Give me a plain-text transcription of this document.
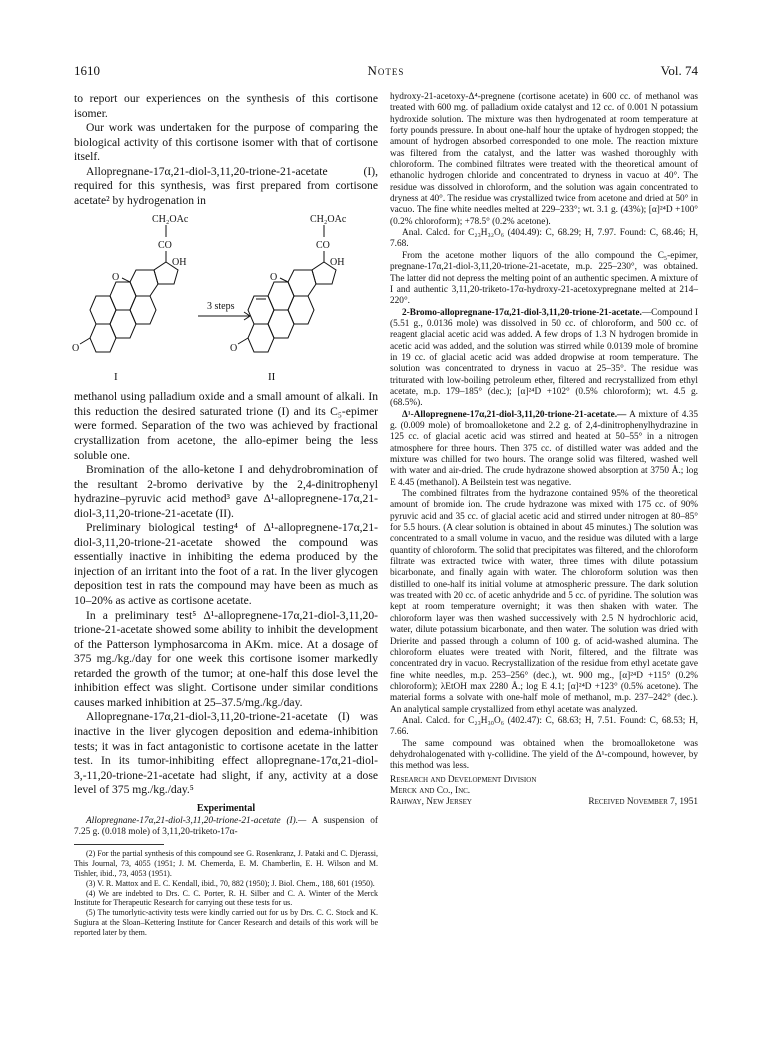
1610	Notes	Vol. 74

to report our experiences on the synthesis of this cortisone isomer.

Our work was undertaken for the purpose of comparing the biological activity of this cortisone isomer with that of cortisone itself.

Allopregnane-17α,21-diol-3,11,20-trione-21-acetate (I), required for this synthesis, was first prepared from cortisone acetate² by hydrogenation in

CH₂OAc
CO
OH
O
O
I
3 steps
CH₂OAc
CO
OH
O
O
II

methanol using palladium oxide and a small amount of alkali. In this reduction the desired saturated trione (I) and its C₅-epimer were formed. Separation of the two was achieved by fractional crystallization from acetone, the allo-epimer being the less soluble one.

Bromination of the allo-ketone I and dehydrobromination of the resultant 2-bromo derivative by the 2,4-dinitrophenyl hydrazine–pyruvic acid method³ gave Δ¹-allopregnene-17α,21-diol-3,11,20-trione-21-acetate (II).

Preliminary biological testing⁴ of Δ¹-allopregnene-17α,21-diol-3,11,20-trione-21-acetate showed the compound was essentially inactive in inhibiting the edema produced by the injection of an irritant into the foot of a rat. In the liver glycogen deposition test in rats the compound may have been as much as 10–20% as active as cortisone acetate.

In a preliminary test⁵ Δ¹-allopregnene-17α,21-diol-3,11,20-trione-21-acetate showed some ability to inhibit the development of the Patterson lymphosarcoma in AKm. mice. At a dosage of 375 mg./kg./day for one week this cortisone isomer markedly retarded the growth of the tumor; at one-half this dose level the inhibition effect was slight. Cortisone under similar conditions causes marked inhibition at 25–37.5/mg./kg./day.

Allopregnane-17α,21-diol-3,11,20-trione-21-acetate (I) was inactive in the liver glycogen deposition and edema-inhibition tests; it was in fact antagonistic to cortisone acetate in the latter test. In its tumor-inhibiting effect allopregnane-17α,21-diol-3,-11,20-trione-21-acetate had slight, if any, activity at a dose level of 375 mg./kg./day.⁵

Experimental

Allopregnane-17α,21-diol-3,11,20-trione-21-acetate (I).— A suspension of 7.25 g. (0.018 mole) of 3,11,20-triketo-17α-

(2) For the partial synthesis of this compound see G. Rosenkranz, J. Pataki and C. Djerassi, This Journal, 73, 4055 (1951; J. M. Chemerda, E. M. Chamberlin, E. H. Wilson and M. Tishler, ibid., 73, 4053 (1951).

(3) V. R. Mattox and E. C. Kendall, ibid., 70, 882 (1950); J. Biol. Chem., 188, 601 (1950).

(4) We are indebted to Drs. C. C. Porter, R. H. Silber and C. A. Winter of the Merck Institute for Therapeutic Research for carrying out these tests for us.

(5) The tumorlytic-activity tests were kindly carried out for us by Drs. C. C. Stock and K. Sugiura at the Sloan–Kettering Institute for Cancer Research and details of this work will be reported later by them.

hydroxy-21-acetoxy-Δ⁴-pregnene (cortisone acetate) in 600 cc. of methanol was treated with 600 mg. of palladium oxide catalyst and 12 cc. of 0.001 N potassium hydroxide solution. The mixture was then hydrogenated at room temperature at forty pounds pressure. In about one-half hour the uptake of hydrogen stopped; the amount of hydrogen absorbed corresponded to one mole. The reaction mixture was filtered from the catalyst, and the latter was washed thoroughly with chloroform. The combined filtrates were treated with the theoretical amount of ethanolic hydrogen chloride and concentrated to dryness in vacuo at 40°. The residue was dissolved in chloroform, and the solution was again concentrated to dryness at 40°. The residue was crystallized twice from acetone and dried at 50° in vacuo. The fine white needles melted at 229–233°; wt. 3.1 g. (43%); [α]²⁴D +100° (0.2% chloroform); +78.5° (0.2% acetone).

Anal. Calcd. for C₂₃H₃₂O₆ (404.49): C, 68.29; H, 7.97. Found: C, 68.46; H, 7.68.

From the acetone mother liquors of the allo compound the C₅-epimer, pregnane-17α,21-diol-3,11,20-trione-21-acetate, m.p. 225–230°, was obtained. The latter did not depress the melting point of an authentic specimen. A mixture of I and authentic 3,11,20-triketo-17α-hydroxy-21-acetoxypregnane melted at 214–220°.

2-Bromo-allopregnane-17α,21-diol-3,11,20-trione-21-acetate.—Compound I (5.51 g., 0.0136 mole) was dissolved in 50 cc. of chloroform, and 500 cc. of reagent glacial acetic acid was added. A few drops of 1.3 N hydrogen bromide in acetic acid was added, and the solution was stirred while 0.0139 mole of bromine in 19 cc. of glacial acetic acid was added dropwise at room temperature. The solution was concentrated to dryness in vacuo at 25–35°. The residue was triturated with low-boiling petroleum ether, filtered and recrystallized from ethyl acetate, m.p. 179–185° (dec.); [α]²⁴D +102° (0.5% chloroform); wt. 4.5 g. (68.5%).

Δ¹-Allopregnene-17α,21-diol-3,11,20-trione-21-acetate.— A mixture of 4.35 g. (0.009 mole) of bromoalloketone and 2.2 g. of 2,4-dinitrophenylhydrazine in 125 cc. of glacial acetic acid was stirred and heated at 50–55° in a nitrogen atmosphere for three hours. Then 375 cc. of distilled water was added and the mixture was chilled for two hours. The orange solid was filtered, washed well with water and air-dried. The crude hydrazone showed absorption at 3750 Å.; log E 4.45 (methanol). A Beilstein test was negative.

The combined filtrates from the hydrazone contained 95% of the theoretical amount of bromide ion. The crude hydrazone was mixed with 175 cc. of 90% pyruvic acid and 35 cc. of glacial acetic acid and stirred under nitrogen at 80–85° for 5.5 hours. (A clear solution is obtained in about 45 minutes.) The solution was concentrated to a small volume in vacuo, and the residue was diluted with a large quantity of chloroform. The solid that precipitates was filtered, and the chloroform filtrate was extracted twice with water, three times with dilute potassium bicarbonate, and finally again with water. The chloroform solution was then distilled to one-half its initial volume at atmospheric pressure. The dark solution was treated with 20 cc. of acetic anhydride and 5 cc. of pyridine. The solution was kept at room temperature overnight; it was then shaken with water. The chloroform layer was then washed successively with 2.5 N hydrochloric acid, water, dilute potassium bicarbonate, and then water. The solution was dried with Drierite and passed through a column of 100 g. of acid-washed alumina. The chloroform eluates were treated with Norit, filtered, and the filtrate was concentrated dry in vacuo. Recrystallization of the residue from ethyl acetate gave fine white needles, m.p. 253–256° (dec.), wt. 900 mg., [α]²⁴D +115° (0.2% chloroform); λEtOH max 2280 Å.; log E 4.1; [α]²⁴D +123° (0.5% acetone). The material forms a solvate with one-half mole of methanol, m.p. 237–242° (dec.). An analytical sample crystallized from ethyl acetate was analyzed.

Anal. Calcd. for C₂₃H₃₀O₆ (402.47): C, 68.63; H, 7.51. Found: C, 68.53; H, 7.66.

The same compound was obtained when the bromoalloketone was dehydrohalogenated with γ-collidine. The yield of the Δ¹-compound, however, by this method was less.

Research and Development Division
Merck and Co., Inc.
Rahway, New Jersey	Received November 7, 1951
